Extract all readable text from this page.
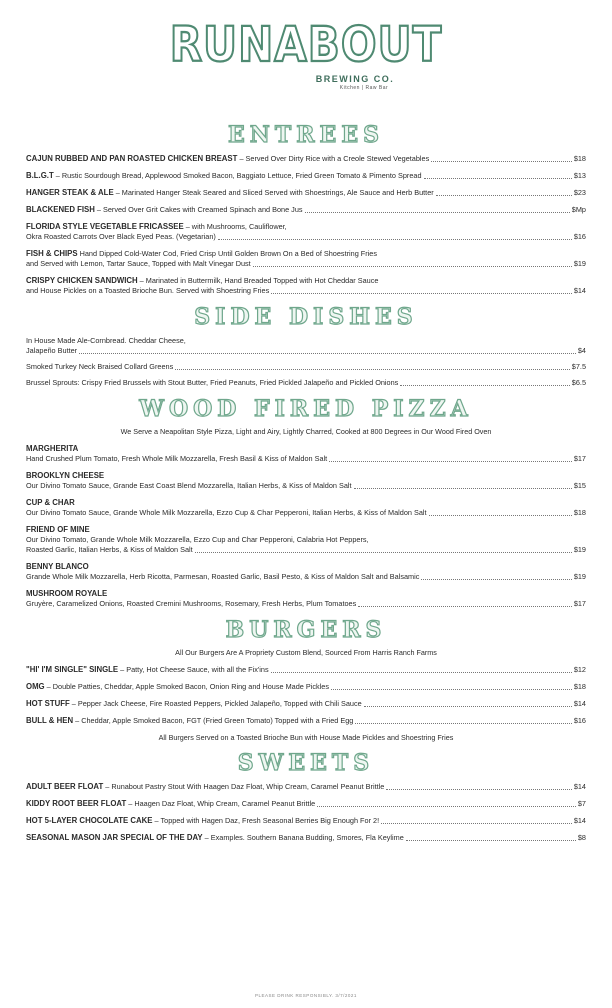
RUNABOUT
BREWING CO.
Kitchen | Raw Bar
ENTREES
CAJUN RUBBED AND PAN ROASTED CHICKEN BREAST – Served Over Dirty Rice with a Creole Stewed Vegetables	$18
B.L.G.T – Rustic Sourdough Bread, Applewood Smoked Bacon, Baggiato Lettuce, Fried Green Tomato & Pimento Spread	$13
HANGER STEAK & ALE – Marinated Hanger Steak Seared and Sliced Served with Shoestrings, Ale Sauce and Herb Butter	$23
BLACKENED FISH – Served Over Grit Cakes with Creamed Spinach and Bone Jus	$Mp
FLORIDA STYLE VEGETABLE FRICASSEE – with Mushrooms, Cauliflower,
Okra Roasted Carrots Over Black Eyed Peas. (Vegetarian)	$16
FISH & CHIPS Hand Dipped Cold-Water Cod, Fried Crisp Until Golden Brown On a Bed of Shoestring Fries
and Served with Lemon, Tartar Sauce, Topped with Malt Vinegar Dust	$19
CRISPY CHICKEN SANDWICH – Marinated in Buttermilk, Hand Breaded Topped with Hot Cheddar Sauce
and House Pickles on a Toasted Brioche Bun. Served with Shoestring Fries	$14
SIDE DISHES
In House Made Ale-Cornbread. Cheddar Cheese,
Jalapeño Butter	$4
Smoked Turkey Neck Braised Collard Greens	$7.5
Brussel Sprouts: Crispy Fried Brussels with Stout Butter, Fried Peanuts, Fried Pickled Jalapeño and Pickled Onions	$6.5
WOOD FIRED PIZZA
We Serve a Neapolitan Style Pizza, Light and Airy, Lightly Charred, Cooked at 800 Degrees in Our Wood Fired Oven
MARGHERITA
Hand Crushed Plum Tomato, Fresh Whole Milk Mozzarella, Fresh Basil & Kiss of Maldon Salt	$17
BROOKLYN CHEESE
Our Divino Tomato Sauce, Grande East Coast Blend Mozzarella, Italian Herbs, & Kiss of Maldon Salt	$15
CUP & CHAR
Our Divino Tomato Sauce, Grande Whole Milk Mozzarella, Ezzo Cup & Char Pepperoni, Italian Herbs, & Kiss of Maldon Salt	$18
FRIEND OF MINE
Our Divino Tomato, Grande Whole Milk Mozzarella, Ezzo Cup and Char Pepperoni, Calabria Hot Peppers,
Roasted Garlic, Italian Herbs, & Kiss of Maldon Salt	$19
BENNY BLANCO
Grande Whole Milk Mozzarella, Herb Ricotta, Parmesan, Roasted Garlic, Basil Pesto, & Kiss of Maldon Salt and Balsamic	$19
MUSHROOM ROYALE
Gruyère, Caramelized Onions, Roasted Cremini Mushrooms, Rosemary, Fresh Herbs, Plum Tomatoes	$17
BURGERS
All Our Burgers Are A Propriety Custom Blend, Sourced From Harris Ranch Farms
"HI' I'M SINGLE" SINGLE – Patty, Hot Cheese Sauce, with all the Fix'ins	$12
OMG – Double Patties, Cheddar, Apple Smoked Bacon, Onion Ring and House Made Pickles	$18
HOT STUFF – Pepper Jack Cheese, Fire Roasted Peppers, Pickled Jalapeño, Topped with Chili Sauce	$14
BULL & HEN – Cheddar, Apple Smoked Bacon, FGT (Fried Green Tomato) Topped with a Fried Egg	$16
All Burgers Served on a Toasted Brioche Bun with House Made Pickles and Shoestring Fries
SWEETS
ADULT BEER FLOAT – Runabout Pastry Stout With Haagen Daz Float, Whip Cream, Caramel Peanut Brittle	$14
KIDDY ROOT BEER FLOAT – Haagen Daz Float, Whip Cream, Caramel Peanut Brittle	$7
HOT 5-LAYER CHOCOLATE CAKE – Topped with Hagen Daz, Fresh Seasonal Berries Big Enough For 2!	$14
SEASONAL MASON JAR SPECIAL OF THE DAY – Examples. Southern Banana Budding, Smores, Fla Keylime	$8
PLEASE DRINK RESPONSIBLY. 3/7/2021
